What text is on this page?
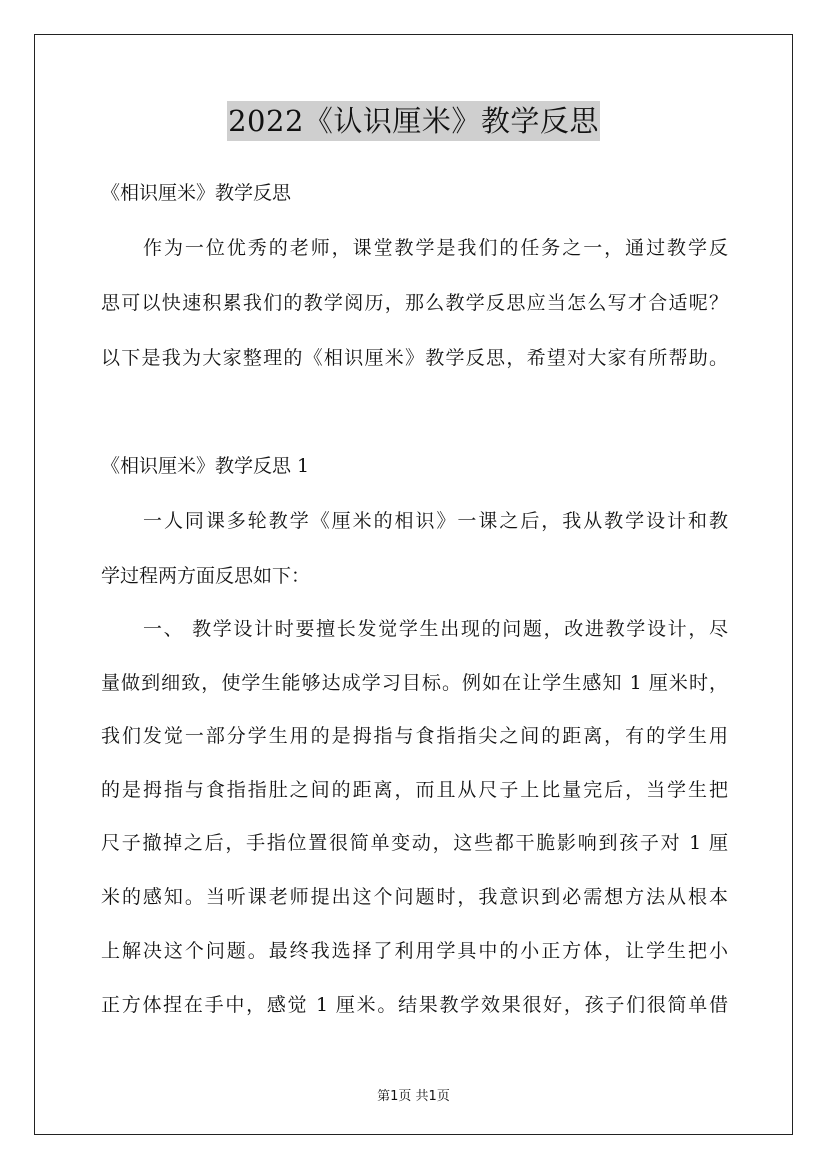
2022《认识厘米》教学反思
《相识厘米》教学反思
作为一位优秀的老师，课堂教学是我们的任务之一，通过教学反
思可以快速积累我们的教学阅历，那么教学反思应当怎么写才合适呢？
以下是我为大家整理的《相识厘米》教学反思，希望对大家有所帮助。
《相识厘米》教学反思 1
一人同课多轮教学《厘米的相识》一课之后，我从教学设计和教
学过程两方面反思如下：
一、 教学设计时要擅长发觉学生出现的问题，改进教学设计，尽
量做到细致，使学生能够达成学习目标。例如在让学生感知 1 厘米时，
我们发觉一部分学生用的是拇指与食指指尖之间的距离，有的学生用
的是拇指与食指指肚之间的距离，而且从尺子上比量完后，当学生把
尺子撤掉之后，手指位置很简单变动，这些都干脆影响到孩子对 1 厘
米的感知。当听课老师提出这个问题时，我意识到必需想方法从根本
上解决这个问题。最终我选择了利用学具中的小正方体，让学生把小
正方体捏在手中，感觉 1 厘米。结果教学效果很好，孩子们很简单借
第1页 共1页
